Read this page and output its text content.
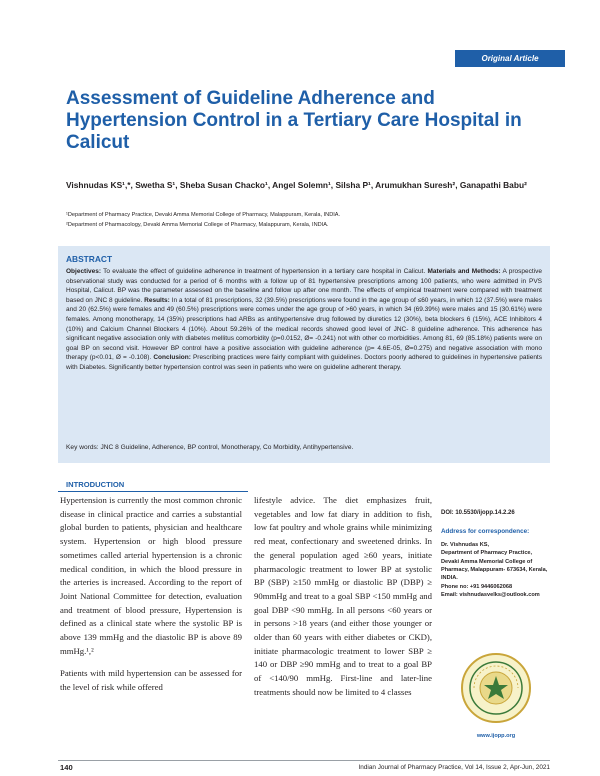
Original Article
Assessment of Guideline Adherence and Hypertension Control in a Tertiary Care Hospital in Calicut
Vishnudas KS¹,*, Swetha S¹, Sheba Susan Chacko¹, Angel Solemn¹, Silsha P¹, Arumukhan Suresh², Ganapathi Babu²
¹Department of Pharmacy Practice, Devaki Amma Memorial College of Pharmacy, Malappuram, Kerala, INDIA.
²Department of Pharmacology, Devaki Amma Memorial College of Pharmacy, Malappuram, Kerala, INDIA.
ABSTRACT
Objectives: To evaluate the effect of guideline adherence in treatment of hypertension in a tertiary care hospital in Calicut. Materials and Methods: A prospective observational study was conducted for a period of 6 months with a follow up of 81 hypertensive prescriptions among 100 patients, who were admitted in PVS Hospital, Calicut. BP was the parameter assessed on the baseline and follow up after one month. The effects of empirical treatment were compared with treatment based on JNC 8 guideline. Results: In a total of 81 prescriptions, 32 (39.5%) prescriptions were found in the age group of ≤60 years, in which 12 (37.5%) were males and 20 (62.5%) were females and 49 (60.5%) prescriptions were comes under the age group of >60 years, in which 34 (69.39%) were males and 15 (30.61%) were females. Among monotherapy, 14 (35%) prescriptions had ARBs as antihypertensive drug followed by diuretics 12 (30%), beta blockers 6 (15%), ACE Inhibitors 4 (10%) and Calcium Channel Blockers 4 (10%). About 59.26% of the medical records showed good level of JNC- 8 guideline adherence. This adherence has significant negative association only with diabetes mellitus comorbidity (p=0.0152, Ø= -0.241) not with other co morbidities. Among 81, 69 (85.18%) patients were on goal BP on second visit. However BP control have a positive association with guideline adherence (p= 4.6E-05, Ø=0.275) and negative association with mono therapy (p<0.01, Ø = -0.108). Conclusion: Prescribing practices were fairly compliant with guidelines. Doctors poorly adhered to guidelines in hypertensive patients with Diabetes. Significantly better hypertension control was seen in patients who were on guideline adherent therapy.
Key words: JNC 8 Guideline, Adherence, BP control, Monotherapy, Co Morbidity, Antihypertensive.
INTRODUCTION

Hypertension is currently the most common chronic disease in clinical practice and carries a substantial global burden to patients, physician and healthcare system. Hypertension or high blood pressure sometimes called arterial hypertension is a chronic medical condition, in which the blood pressure in the arteries is increased. According to the report of Joint National Committee for detection, evaluation and treatment of blood pressure, Hypertension is defined as a clinical state where the systolic BP is above 139 mmHg and the diastolic BP is above 89 mmHg.¹,²

Patients with mild hypertension can be assessed for the level of risk while offered

lifestyle advice. The diet emphasizes fruit, vegetables and low fat diary in addition to fish, low fat poultry and whole grains while minimizing red meat, confectionary and sweetened drinks. In the general population aged ≥60 years, initiate pharmacologic treatment to lower BP at systolic BP (SBP) ≥150 mmHg or diastolic BP (DBP) ≥ 90mmHg and treat to a goal SBP <150 mmHg and goal DBP <90 mmHg. In all persons <60 years or in persons >18 years (and either those younger or older than 60 years with either diabetes or CKD), initiate pharmacologic treatment to lower SBP ≥ 140 or DBP ≥90 mmHg and to treat to a goal BP of <140/90 mmHg. First-line and later-line treatments should now be limited to 4 classes

DOI: 10.5530/ijopp.14.2.26
Address for correspondence:
Dr. Vishnudas KS,
Department of Pharmacy Practice, Devaki Amma Memorial College of Pharmacy, Malappuram- 673634, Kerala, INDIA.
Phone no: +91 9446062068
Email: vishnudasvelks@outlook.com
www.ijopp.org
140	Indian Journal of Pharmacy Practice, Vol 14, Issue 2, Apr-Jun, 2021
